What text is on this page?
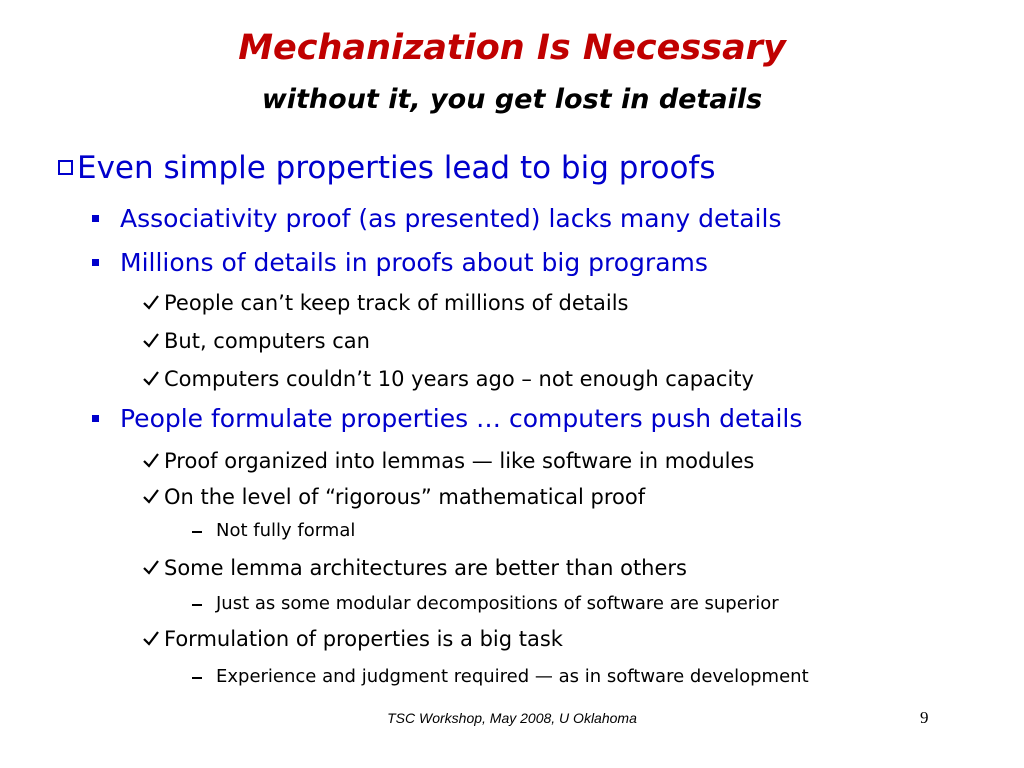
Mechanization Is Necessary
without it, you get lost in details
Even simple properties lead to big proofs
Associativity proof (as presented) lacks many details
Millions of details in proofs about big programs
People can’t keep track of millions of details
But, computers can
Computers couldn’t 10 years ago – not enough capacity
People formulate properties … computers push details
Proof organized into lemmas — like software in modules
On the level of “rigorous” mathematical proof
Not fully formal
Some lemma architectures are better than others
Just as some modular decompositions of software are superior
Formulation of properties is a big task
Experience and judgment required — as in software development
TSC Workshop, May 2008, U Oklahoma	9
